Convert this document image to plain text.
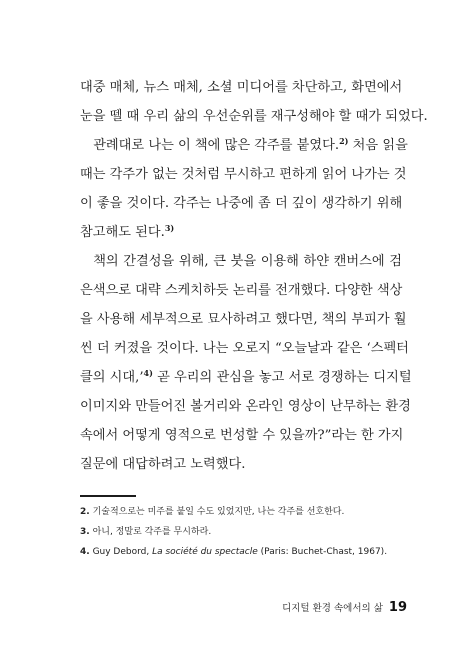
대중 매체, 뉴스 매체, 소셜 미디어를 차단하고, 화면에서
눈을 뗄 때 우리 삶의 우선순위를 재구성해야 할 때가 되었다.

 관례대로 나는 이 책에 많은 각주를 붙였다.$^{2)}$ 처음 읽을
때는 각주가 없는 것처럼 무시하고 편하게 읽어 나가는 것
이 좋을 것이다. 각주는 나중에 좀 더 깊이 생각하기 위해
참고해도 된다.$^{3)}$

 책의 간결성을 위해, 큰 붓을 이용해 하얀 캔버스에 검
은색으로 대략 스케치하듯 논리를 전개했다. 다양한 색상
을 사용해 세부적으로 묘사하려고 했다면, 책의 부피가 훨
씬 더 커졌을 것이다. 나는 오로지 “오늘날과 같은 ‘스펙터
클의 시대,’$^{4)}$ 곧 우리의 관심을 놓고 서로 경쟁하는 디지털
이미지와 만들어진 볼거리와 온라인 영상이 난무하는 환경
속에서 어떻게 영적으로 번성할 수 있을까?”라는 한 가지
질문에 대답하려고 노력했다.

2. 기술적으로는 미주를 붙일 수도 있었지만, 나는 각주를 선호한다.
3. 아니, 정말로 각주를 무시하라.
4. Guy Debord, La société du spectacle (Paris: Buchet-Chast, 1967).
디지털 환경 속에서의 삶 19
